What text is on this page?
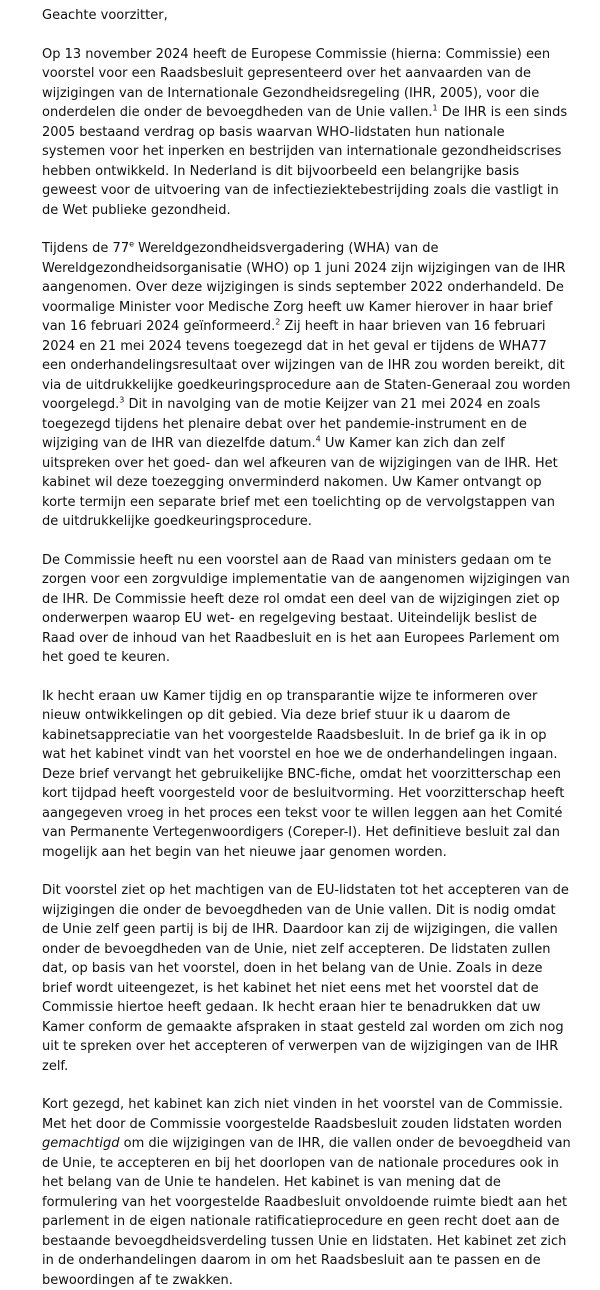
Geachte voorzitter,

Op 13 november 2024 heeft de Europese Commissie (hierna: Commissie) een voorstel voor een Raadsbesluit gepresenteerd over het aanvaarden van de wijzigingen van de Internationale Gezondheidsregeling (IHR, 2005), voor die onderdelen die onder de bevoegdheden van de Unie vallen.$^1$ De IHR is een sinds 2005 bestaand verdrag op basis waarvan WHO-lidstaten hun nationale systemen voor het inperken en bestrijden van internationale gezondheidscrises hebben ontwikkeld. In Nederland is dit bijvoorbeeld een belangrijke basis geweest voor de uitvoering van de infectieziektebestrijding zoals die vastligt in de Wet publieke gezondheid.

Tijdens de 77e Wereldgezondheidsvergadering (WHA) van de Wereldgezondheidsorganisatie (WHO) op 1 juni 2024 zijn wijzigingen van de IHR aangenomen. Over deze wijzigingen is sinds september 2022 onderhandeld. De voormalige Minister voor Medische Zorg heeft uw Kamer hierover in haar brief van 16 februari 2024 geïnformeerd.$^2$ Zij heeft in haar brieven van 16 februari 2024 en 21 mei 2024 tevens toegezegd dat in het geval er tijdens de WHA77 een onderhandelingsresultaat over wijzingen van de IHR zou worden bereikt, dit via de uitdrukkelijke goedkeuringsprocedure aan de Staten-Generaal zou worden voorgelegd.$^3$ Dit in navolging van de motie Keijzer van 21 mei 2024 en zoals toegezegd tijdens het plenaire debat over het pandemie-instrument en de wijziging van de IHR van diezelfde datum.$^4$ Uw Kamer kan zich dan zelf uitspreken over het goed- dan wel afkeuren van de wijzigingen van de IHR. Het kabinet wil deze toezegging onverminderd nakomen. Uw Kamer ontvangt op korte termijn een separate brief met een toelichting op de vervolgstappen van de uitdrukkelijke goedkeuringsprocedure.

De Commissie heeft nu een voorstel aan de Raad van ministers gedaan om te zorgen voor een zorgvuldige implementatie van de aangenomen wijzigingen van de IHR. De Commissie heeft deze rol omdat een deel van de wijzigingen ziet op onderwerpen waarop EU wet- en regelgeving bestaat. Uiteindelijk beslist de Raad over de inhoud van het Raadbesluit en is het aan Europees Parlement om het goed te keuren.

Ik hecht eraan uw Kamer tijdig en op transparantie wijze te informeren over nieuw ontwikkelingen op dit gebied. Via deze brief stuur ik u daarom de kabinetsappreciatie van het voorgestelde Raadsbesluit. In de brief ga ik in op wat het kabinet vindt van het voorstel en hoe we de onderhandelingen ingaan. Deze brief vervangt het gebruikelijke BNC-fiche, omdat het voorzitterschap een kort tijdpad heeft voorgesteld voor de besluitvorming. Het voorzitterschap heeft aangegeven vroeg in het proces een tekst voor te willen leggen aan het Comité van Permanente Vertegenwoordigers (Coreper-I). Het definitieve besluit zal dan mogelijk aan het begin van het nieuwe jaar genomen worden.

Dit voorstel ziet op het machtigen van de EU-lidstaten tot het accepteren van de wijzigingen die onder de bevoegdheden van de Unie vallen. Dit is nodig omdat de Unie zelf geen partij is bij de IHR. Daardoor kan zij de wijzigingen, die vallen onder de bevoegdheden van de Unie, niet zelf accepteren. De lidstaten zullen dat, op basis van het voorstel, doen in het belang van de Unie. Zoals in deze brief wordt uiteengezet, is het kabinet het niet eens met het voorstel dat de Commissie hiertoe heeft gedaan. Ik hecht eraan hier te benadrukken dat uw Kamer conform de gemaakte afspraken in staat gesteld zal worden om zich nog uit te spreken over het accepteren of verwerpen van de wijzigingen van de IHR zelf.

Kort gezegd, het kabinet kan zich niet vinden in het voorstel van de Commissie. Met het door de Commissie voorgestelde Raadsbesluit zouden lidstaten worden gemachtigd om die wijzigingen van de IHR, die vallen onder de bevoegdheid van de Unie, te accepteren en bij het doorlopen van de nationale procedures ook in het belang van de Unie te handelen. Het kabinet is van mening dat de formulering van het voorgestelde Raadbesluit onvoldoende ruimte biedt aan het parlement in de eigen nationale ratificatieprocedure en geen recht doet aan de bestaande bevoegdheidsverdeling tussen Unie en lidstaten. Het kabinet zet zich in de onderhandelingen daarom in om het Raadsbesluit aan te passen en de bewoordingen af te zwakken.
